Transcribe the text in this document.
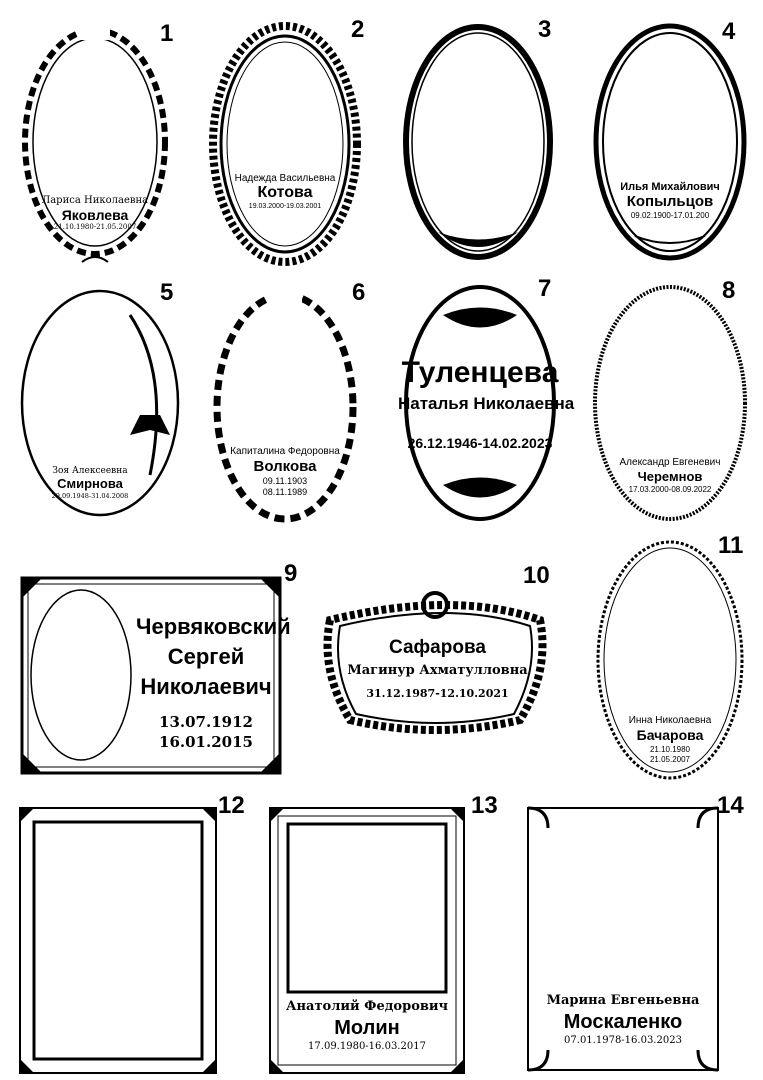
1
Лариса Николаевна
Яковлева
21.10.1980-21.05.2007
2
Надежда Васильевна
Котова
19.03.2000-19.03.2001
3	4
Илья Михайлович
Копыльцов
09.02.1900-17.01.200
5
Зоя Алексеевна
Смирнова
29.09.1948-31.04.2008
6
Капиталина Федоровна
Волкова
09.11.1903
08.11.1989
7
Туленцева
Наталья Николаевна
26.12.1946-14.02.2023
8
Александр Евгеневич
Черемнов
17.03.2000-08.09.2022
9
Червяковский
Сергей
Николаевич
13.07.1912
16.01.2015
10
Сафарова
Магинур Ахматулловна
31.12.1987-12.10.2021
11
Инна Николаевна
Бачарова
21.10.1980
21.05.2007
12	13
Анатолий Федорович
Молин
17.09.1980-16.03.2017
14
Марина Евгеньевна
Москаленко
07.01.1978-16.03.2023
